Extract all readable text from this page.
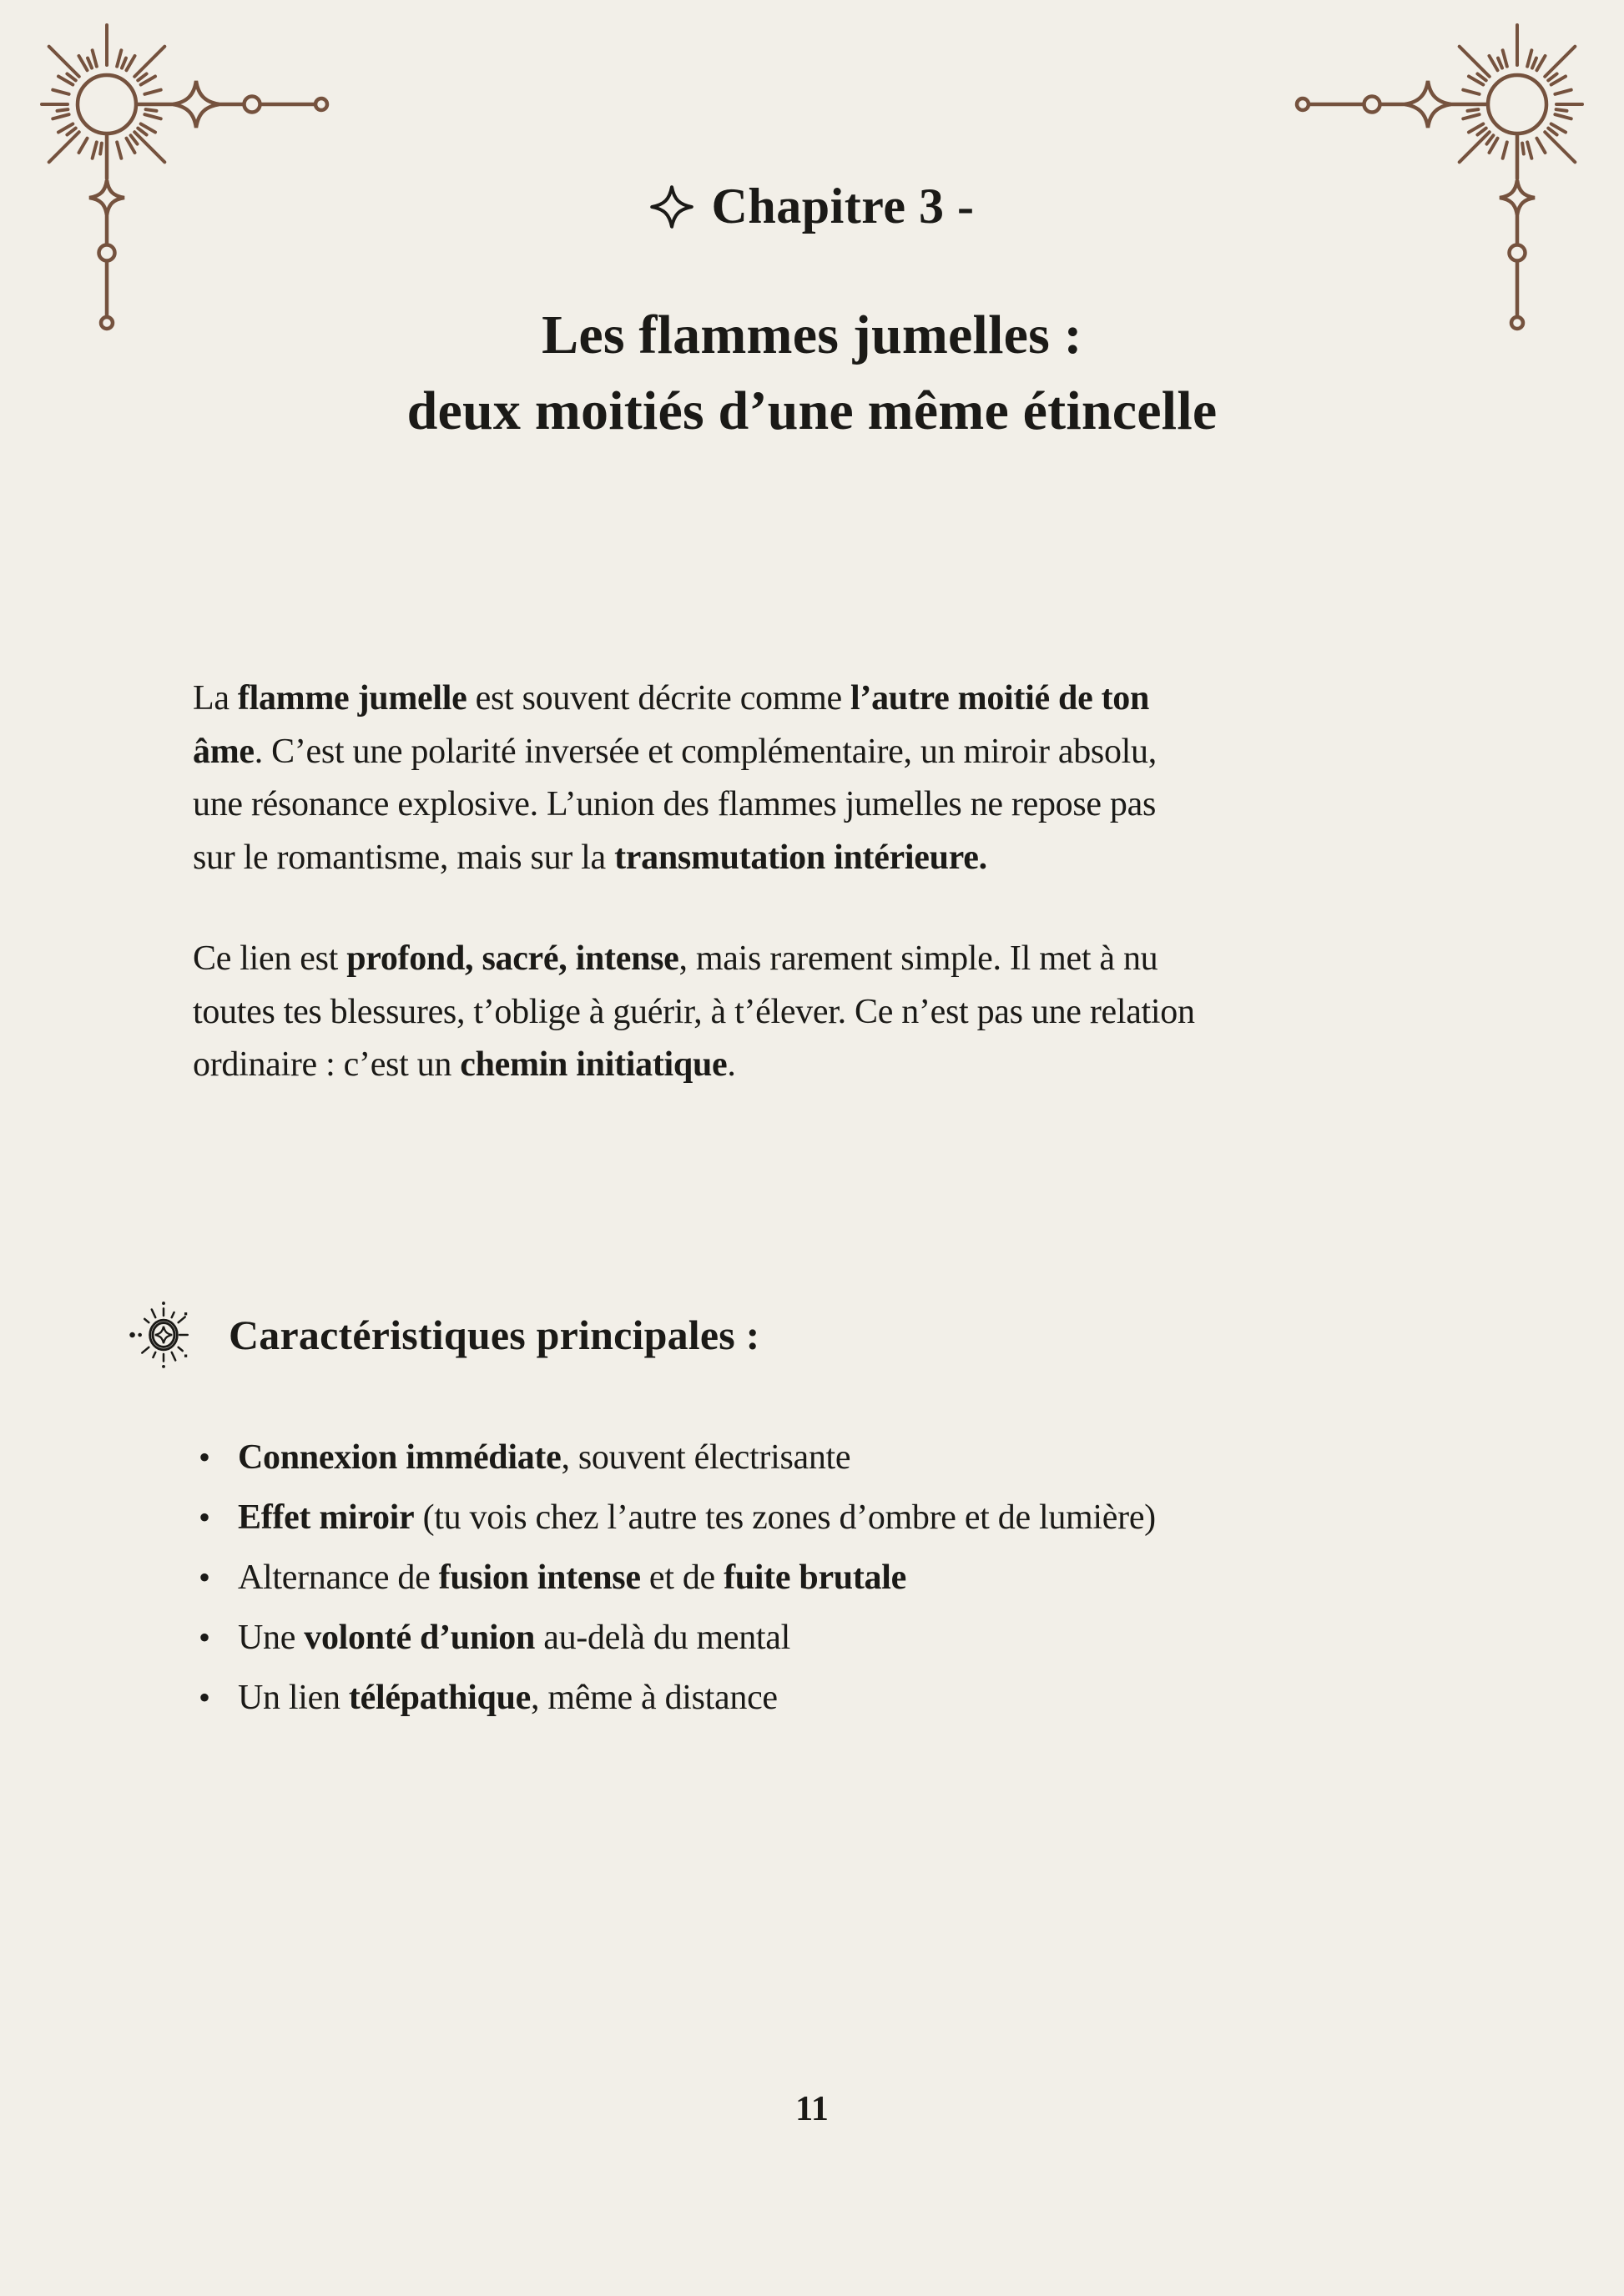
Chapitre 3 -
Les flammes jumelles :
deux moitiés d’une même étincelle
La flamme jumelle est souvent décrite comme l’autre moitié de ton
âme. C’est une polarité inversée et complémentaire, un miroir absolu,
une résonance explosive. L’union des flammes jumelles ne repose pas
sur le romantisme, mais sur la transmutation intérieure.
Ce lien est profond, sacré, intense, mais rarement simple. Il met à nu
toutes tes blessures, t’oblige à guérir, à t’élever. Ce n’est pas une relation
ordinaire : c’est un chemin initiatique.
Caractéristiques principales :
• Connexion immédiate, souvent électrisante
• Effet miroir (tu vois chez l’autre tes zones d’ombre et de lumière)
• Alternance de fusion intense et de fuite brutale
• Une volonté d’union au-delà du mental
• Un lien télépathique, même à distance
11
